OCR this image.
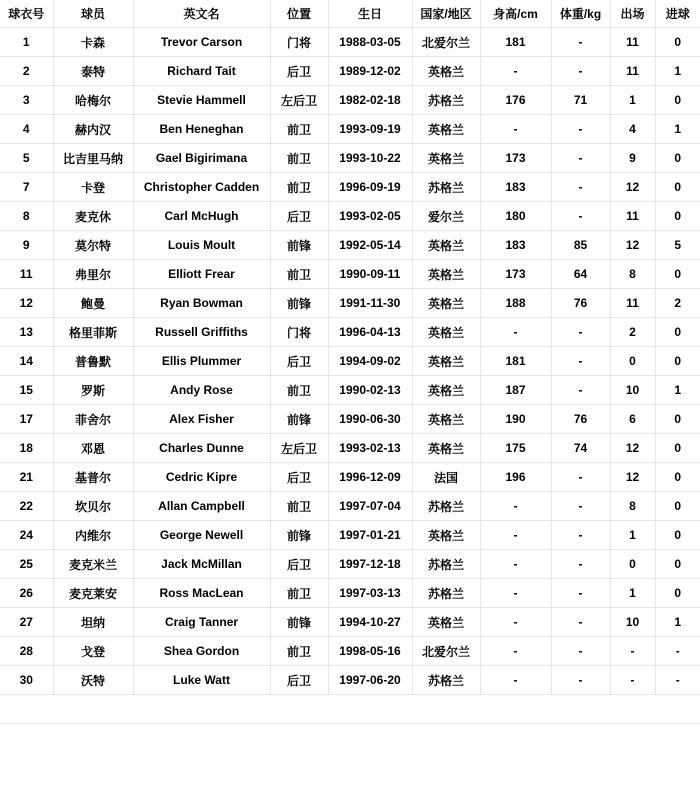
球衣号	球员	英文名	位置	生日	国家/地区	身高/cm	体重/kg	出场	进球
1	卡森	Trevor Carson	门将	1988-03-05	北爱尔兰	181	-	11	0
2	泰特	Richard Tait	后卫	1989-12-02	英格兰	-	-	11	1
3	哈梅尔	Stevie Hammell	左后卫	1982-02-18	苏格兰	176	71	1	0
4	赫内汉	Ben Heneghan	前卫	1993-09-19	英格兰	-	-	4	1
5	比吉里马纳	Gael Bigirimana	前卫	1993-10-22	英格兰	173	-	9	0
7	卡登	Christopher Cadden	前卫	1996-09-19	苏格兰	183	-	12	0
8	麦克休	Carl McHugh	后卫	1993-02-05	爱尔兰	180	-	11	0
9	莫尔特	Louis Moult	前锋	1992-05-14	英格兰	183	85	12	5
11	弗里尔	Elliott Frear	前卫	1990-09-11	英格兰	173	64	8	0
12	鲍曼	Ryan Bowman	前锋	1991-11-30	英格兰	188	76	11	2
13	格里菲斯	Russell Griffiths	门将	1996-04-13	英格兰	-	-	2	0
14	普鲁默	Ellis Plummer	后卫	1994-09-02	英格兰	181	-	0	0
15	罗斯	Andy Rose	前卫	1990-02-13	英格兰	187	-	10	1
17	菲舍尔	Alex Fisher	前锋	1990-06-30	英格兰	190	76	6	0
18	邓恩	Charles Dunne	左后卫	1993-02-13	英格兰	175	74	12	0
21	基普尔	Cedric Kipre	后卫	1996-12-09	法国	196	-	12	0
22	坎贝尔	Allan Campbell	前卫	1997-07-04	苏格兰	-	-	8	0
24	内维尔	George Newell	前锋	1997-01-21	英格兰	-	-	1	0
25	麦克米兰	Jack McMillan	后卫	1997-12-18	苏格兰	-	-	0	0
26	麦克莱安	Ross MacLean	前卫	1997-03-13	苏格兰	-	-	1	0
27	坦纳	Craig Tanner	前锋	1994-10-27	英格兰	-	-	10	1
28	戈登	Shea Gordon	前卫	1998-05-16	北爱尔兰	-	-	-	-
30	沃特	Luke Watt	后卫	1997-06-20	苏格兰	-	-	-	-
